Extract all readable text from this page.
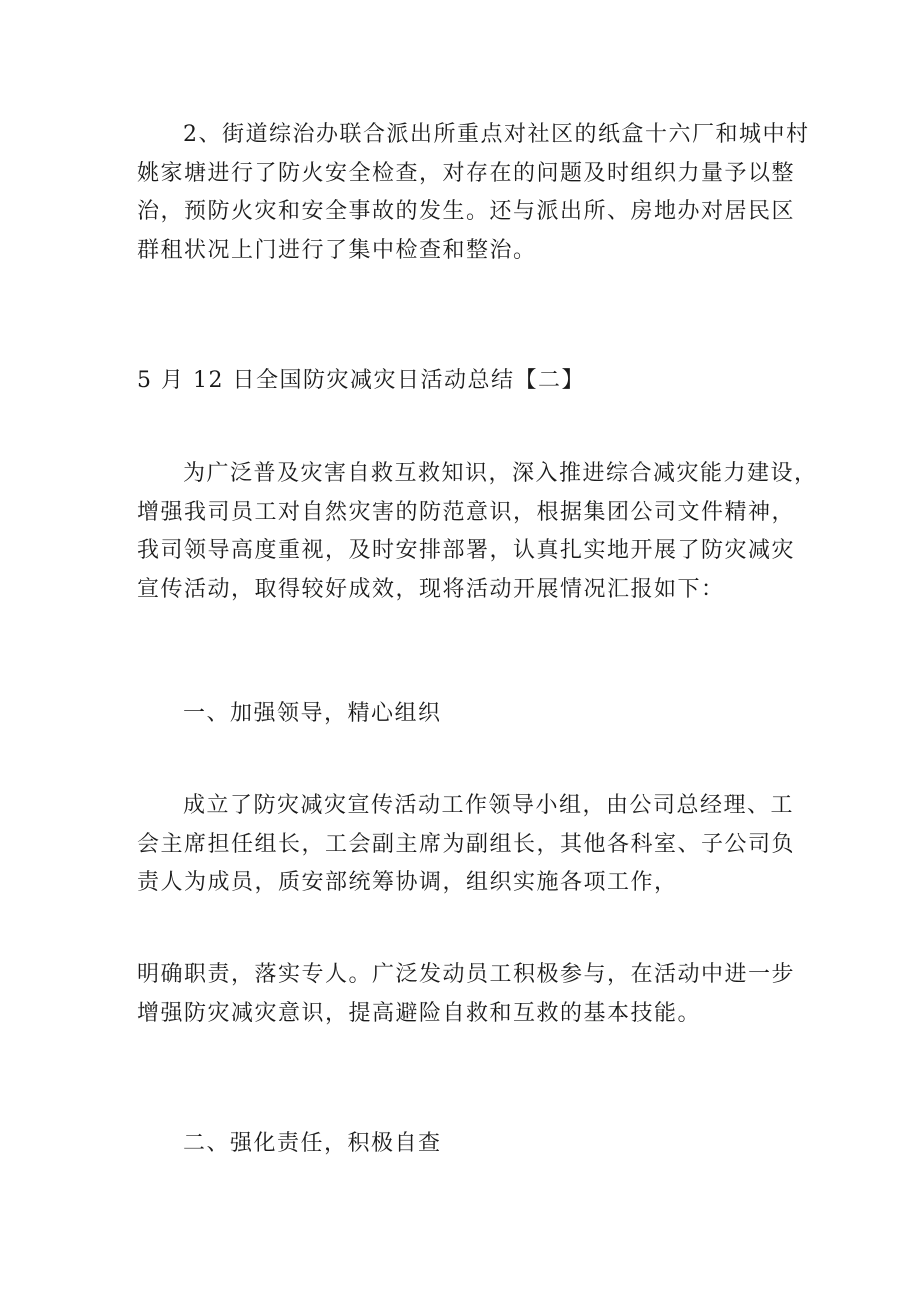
2、街道综治办联合派出所重点对社区的纸盒十六厂和城中村
姚家塘进行了防火安全检查，对存在的问题及时组织力量予以整
治，预防火灾和安全事故的发生。还与派出所、房地办对居民区
群租状况上门进行了集中检查和整治。
5 月 12 日全国防灾减灾日活动总结【二】
为广泛普及灾害自救互救知识，深入推进综合减灾能力建设，
增强我司员工对自然灾害的防范意识，根据集团公司文件精神，
我司领导高度重视，及时安排部署，认真扎实地开展了防灾减灾
宣传活动，取得较好成效，现将活动开展情况汇报如下：
一、加强领导，精心组织
成立了防灾减灾宣传活动工作领导小组，由公司总经理、工
会主席担任组长，工会副主席为副组长，其他各科室、子公司负
责人为成员，质安部统筹协调，组织实施各项工作，
明确职责，落实专人。广泛发动员工积极参与，在活动中进一步
增强防灾减灾意识，提高避险自救和互救的基本技能。
二、强化责任，积极自查
